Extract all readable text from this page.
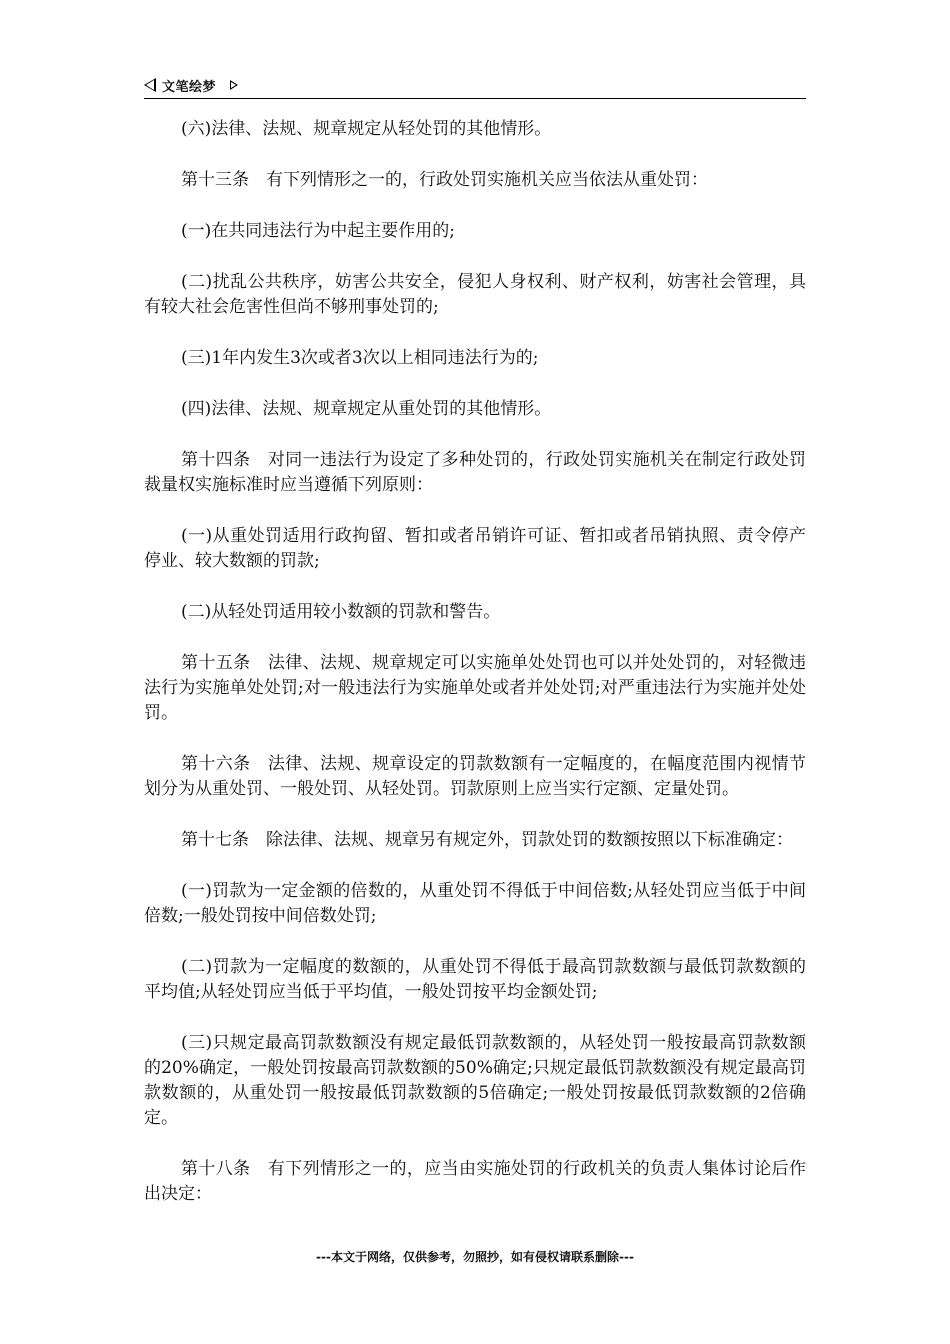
文笔绘梦

(六)法律、法规、规章规定从轻处罚的其他情形。

第十三条　有下列情形之一的，行政处罚实施机关应当依法从重处罚：

(一)在共同违法行为中起主要作用的;

(二)扰乱公共秩序，妨害公共安全，侵犯人身权利、财产权利，妨害社会管理，具有较大社会危害性但尚不够刑事处罚的;

(三)1年内发生3次或者3次以上相同违法行为的;

(四)法律、法规、规章规定从重处罚的其他情形。

第十四条　对同一违法行为设定了多种处罚的，行政处罚实施机关在制定行政处罚裁量权实施标准时应当遵循下列原则：

(一)从重处罚适用行政拘留、暂扣或者吊销许可证、暂扣或者吊销执照、责令停产停业、较大数额的罚款;

(二)从轻处罚适用较小数额的罚款和警告。

第十五条　法律、法规、规章规定可以实施单处处罚也可以并处处罚的，对轻微违法行为实施单处处罚;对一般违法行为实施单处或者并处处罚;对严重违法行为实施并处处罚。

第十六条　法律、法规、规章设定的罚款数额有一定幅度的，在幅度范围内视情节划分为从重处罚、一般处罚、从轻处罚。罚款原则上应当实行定额、定量处罚。

第十七条　除法律、法规、规章另有规定外，罚款处罚的数额按照以下标准确定：

(一)罚款为一定金额的倍数的，从重处罚不得低于中间倍数;从轻处罚应当低于中间倍数;一般处罚按中间倍数处罚;

(二)罚款为一定幅度的数额的，从重处罚不得低于最高罚款数额与最低罚款数额的平均值;从轻处罚应当低于平均值，一般处罚按平均金额处罚;

(三)只规定最高罚款数额没有规定最低罚款数额的，从轻处罚一般按最高罚款数额的20%确定，一般处罚按最高罚款数额的50%确定;只规定最低罚款数额没有规定最高罚款数额的，从重处罚一般按最低罚款数额的5倍确定;一般处罚按最低罚款数额的2倍确定。

第十八条　有下列情形之一的，应当由实施处罚的行政机关的负责人集体讨论后作出决定：

---本文于网络，仅供参考，勿照抄，如有侵权请联系删除---
